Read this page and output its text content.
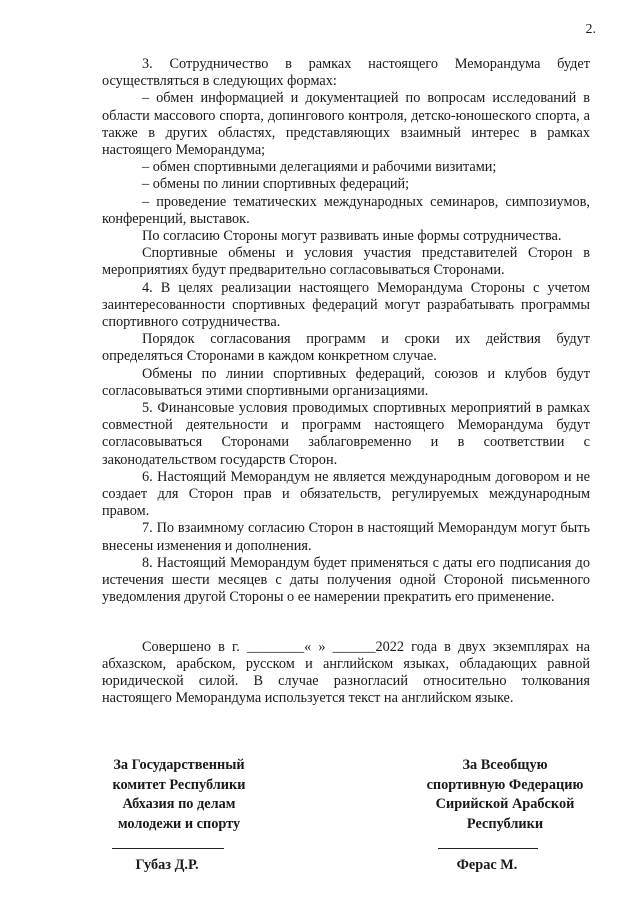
2.

3. Сотрудничество в рамках настоящего Меморандума будет осуществляться в следующих формах:

– обмен информацией и документацией по вопросам исследований в области массового спорта, допингового контроля, детско-юношеского спорта, а также в других областях, представляющих взаимный интерес в рамках настоящего Меморандума;

– обмен спортивными делегациями и рабочими визитами;

– обмены по линии спортивных федераций;

– проведение тематических международных семинаров, симпозиумов, конференций, выставок.

По согласию Стороны могут развивать иные формы сотрудничества.

Спортивные обмены и условия участия представителей Сторон в мероприятиях будут предварительно согласовываться Сторонами.

4. В целях реализации настоящего Меморандума Стороны с учетом заинтересованности спортивных федераций могут разрабатывать программы спортивного сотрудничества.

Порядок согласования программ и сроки их действия будут определяться Сторонами в каждом конкретном случае.

Обмены по линии спортивных федераций, союзов и клубов будут согласовываться этими спортивными организациями.

5. Финансовые условия проводимых спортивных мероприятий в рамках совместной деятельности и программ настоящего Меморандума будут согласовываться Сторонами заблаговременно и в соответствии с законодательством государств Сторон.

6. Настоящий Меморандум не является международным договором и не создает для Сторон прав и обязательств, регулируемых международным правом.

7. По взаимному согласию Сторон в настоящий Меморандум могут быть внесены изменения и дополнения.

8. Настоящий Меморандум будет применяться с даты его подписания до истечения шести месяцев с даты получения одной Стороной письменного уведомления другой Стороны о ее намерении прекратить его применение.

Совершено в г. ________« » ______2022 года в двух экземплярах на абхазском, арабском, русском и английском языках, обладающих равной юридической силой. В случае разногласий относительно толкования настоящего Меморандума используется текст на английском языке.

За Государственный
комитет Республики
Абхазия по делам
молодежи и спорту
За Всеобщую
спортивную Федерацию
Сирийской Арабской
Республики
Губаз Д.Р.	Ферас М.
